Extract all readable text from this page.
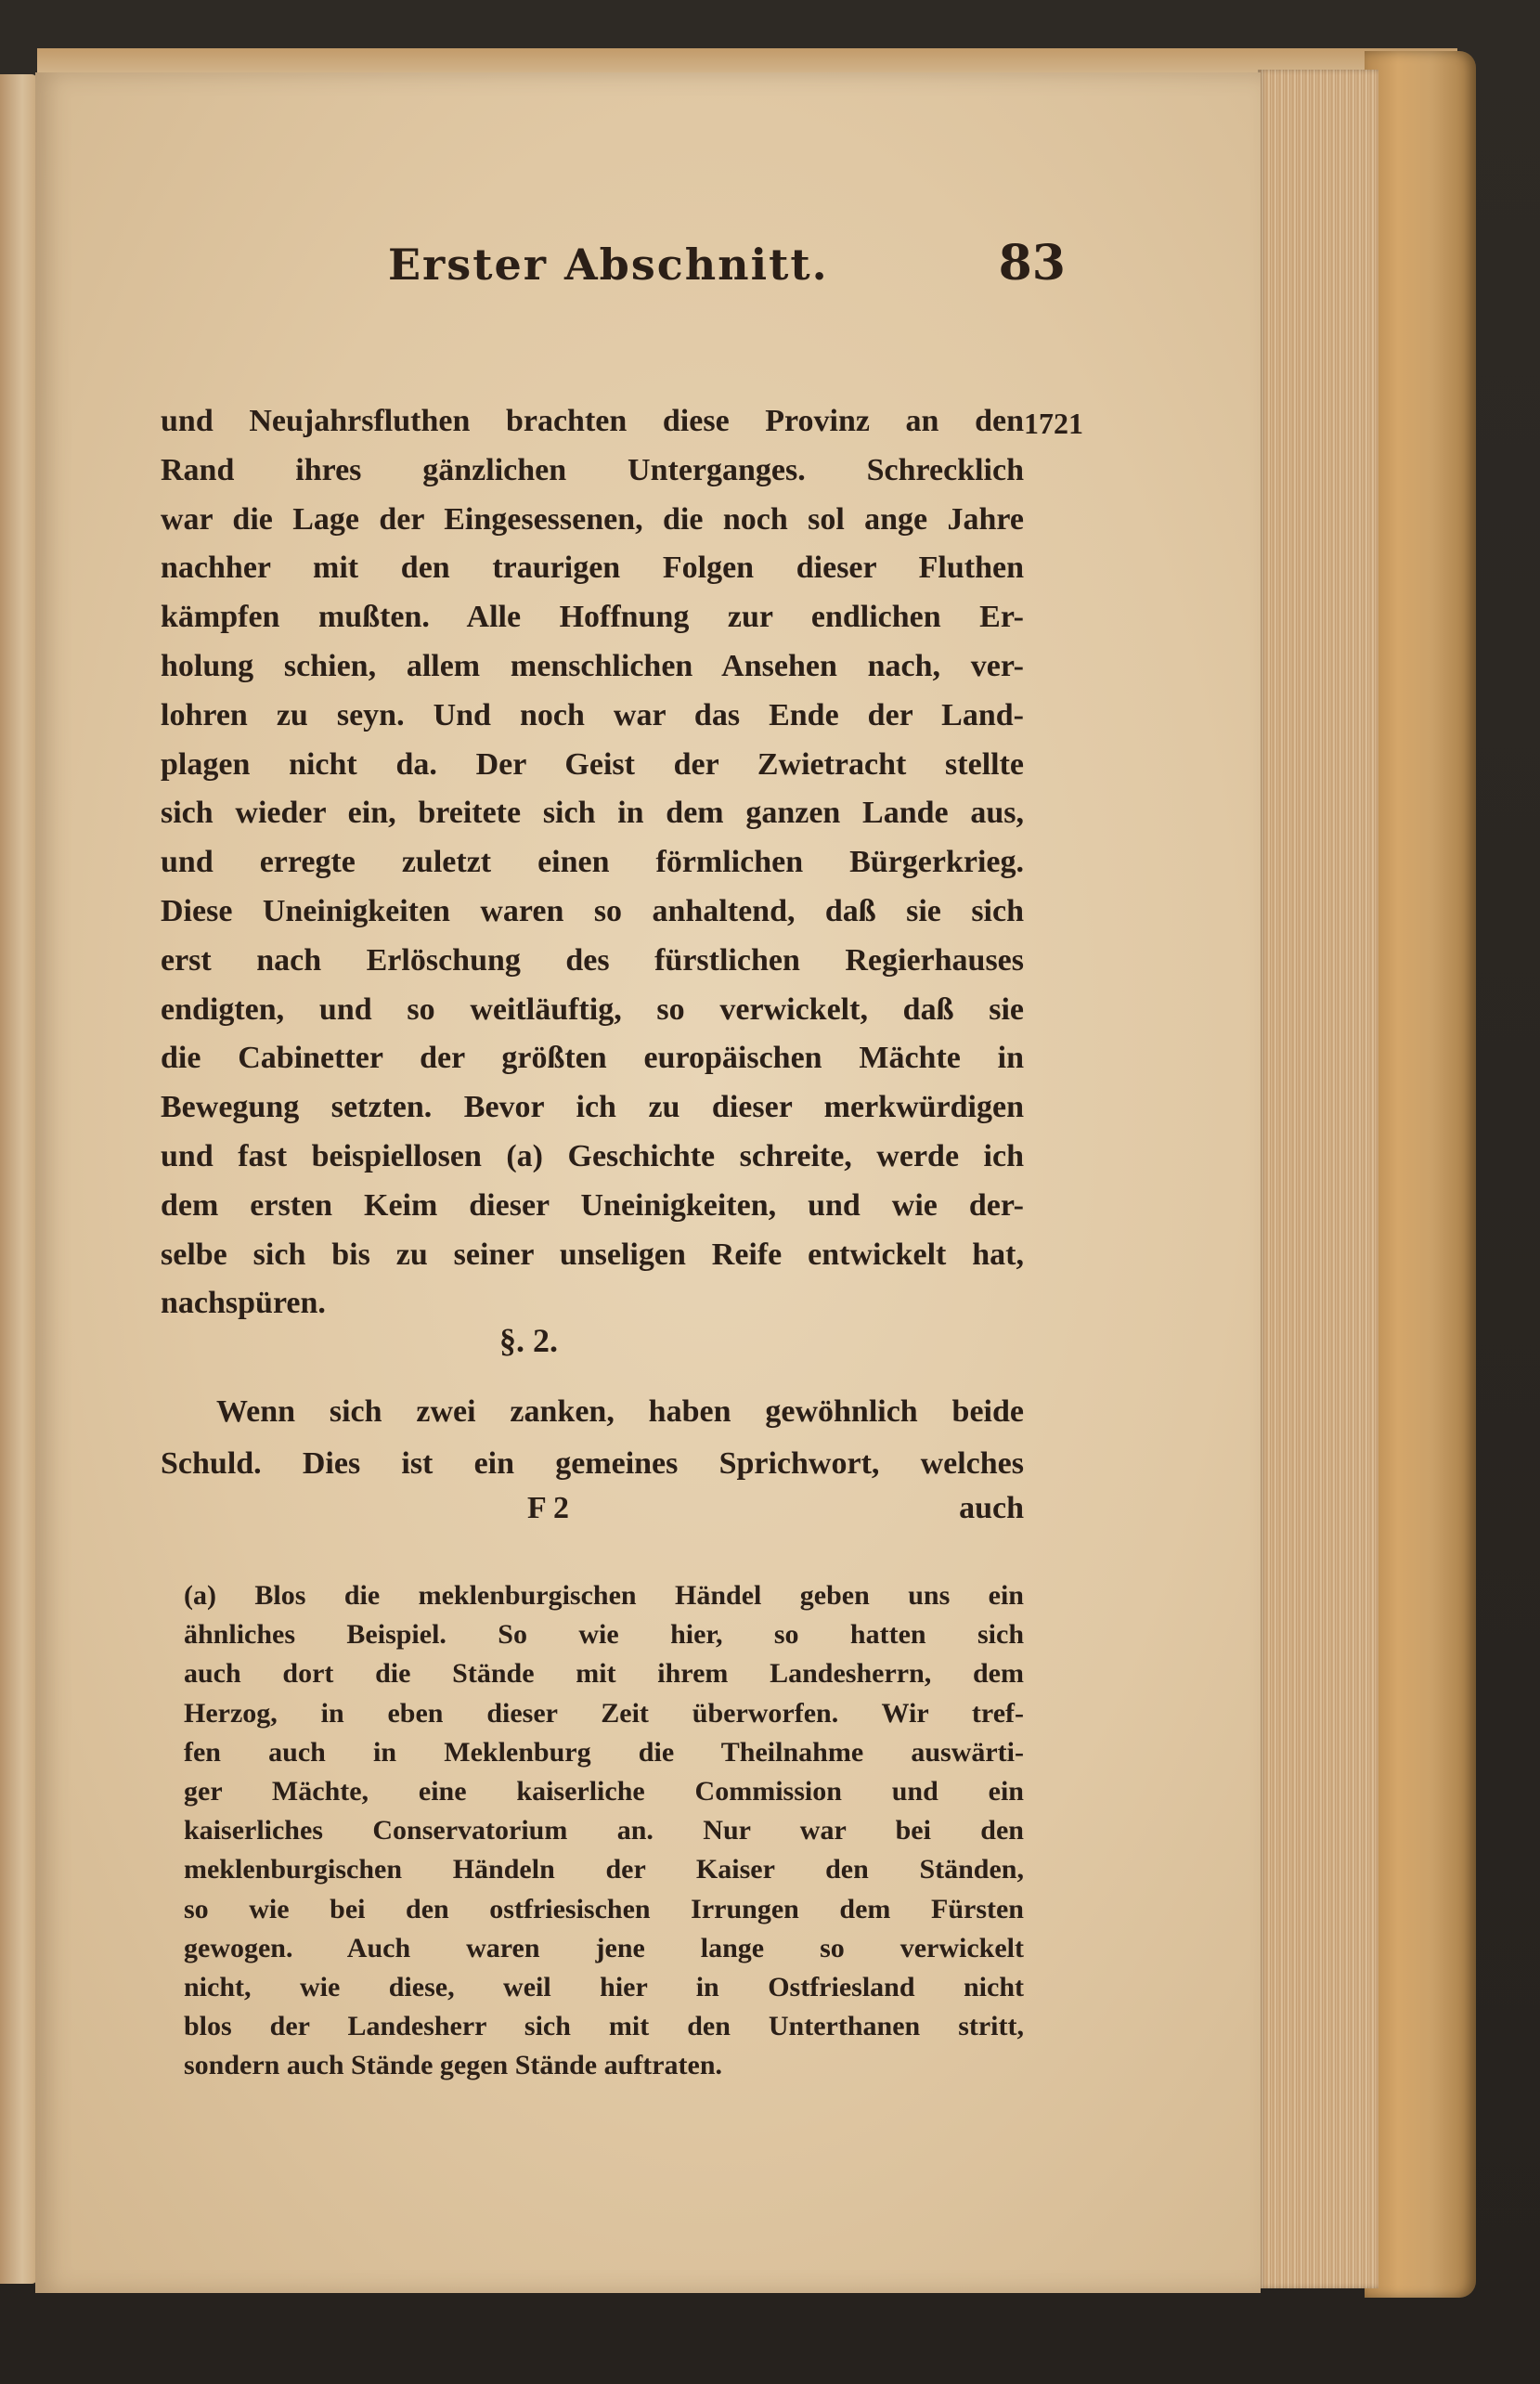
Erster Abschnitt.	83
1721
und Neujahrsfluthen brachten diese Provinz an den
Rand ihres gänzlichen Unterganges. Schrecklich
war die Lage der Eingesessenen, die noch sol ange Jahre
nachher mit den traurigen Folgen dieser Fluthen
kämpfen mußten. Alle Hoffnung zur endlichen Er-
holung schien, allem menschlichen Ansehen nach, ver-
lohren zu seyn. Und noch war das Ende der Land-
plagen nicht da. Der Geist der Zwietracht stellte
sich wieder ein, breitete sich in dem ganzen Lande aus,
und erregte zuletzt einen förmlichen Bürgerkrieg.
Diese Uneinigkeiten waren so anhaltend, daß sie sich
erst nach Erlöschung des fürstlichen Regierhauses
endigten, und so weitläuftig, so verwickelt, daß sie
die Cabinetter der größten europäischen Mächte in
Bewegung setzten. Bevor ich zu dieser merkwürdigen
und fast beispiellosen (a) Geschichte schreite, werde ich
dem ersten Keim dieser Uneinigkeiten, und wie der-
selbe sich bis zu seiner unseligen Reife entwickelt hat,
nachspüren.
§. 2.
Wenn sich zwei zanken, haben gewöhnlich beide
Schuld. Dies ist ein gemeines Sprichwort, welches
F 2	auch
(a) Blos die meklenburgischen Händel geben uns ein
ähnliches Beispiel. So wie hier, so hatten sich
auch dort die Stände mit ihrem Landesherrn, dem
Herzog, in eben dieser Zeit überworfen. Wir tref-
fen auch in Meklenburg die Theilnahme auswärti-
ger Mächte, eine kaiserliche Commission und ein
kaiserliches Conservatorium an. Nur war bei den
meklenburgischen Händeln der Kaiser den Ständen,
so wie bei den ostfriesischen Irrungen dem Fürsten
gewogen. Auch waren jene lange so verwickelt
nicht, wie diese, weil hier in Ostfriesland nicht
blos der Landesherr sich mit den Unterthanen stritt,
sondern auch Stände gegen Stände auftraten.
